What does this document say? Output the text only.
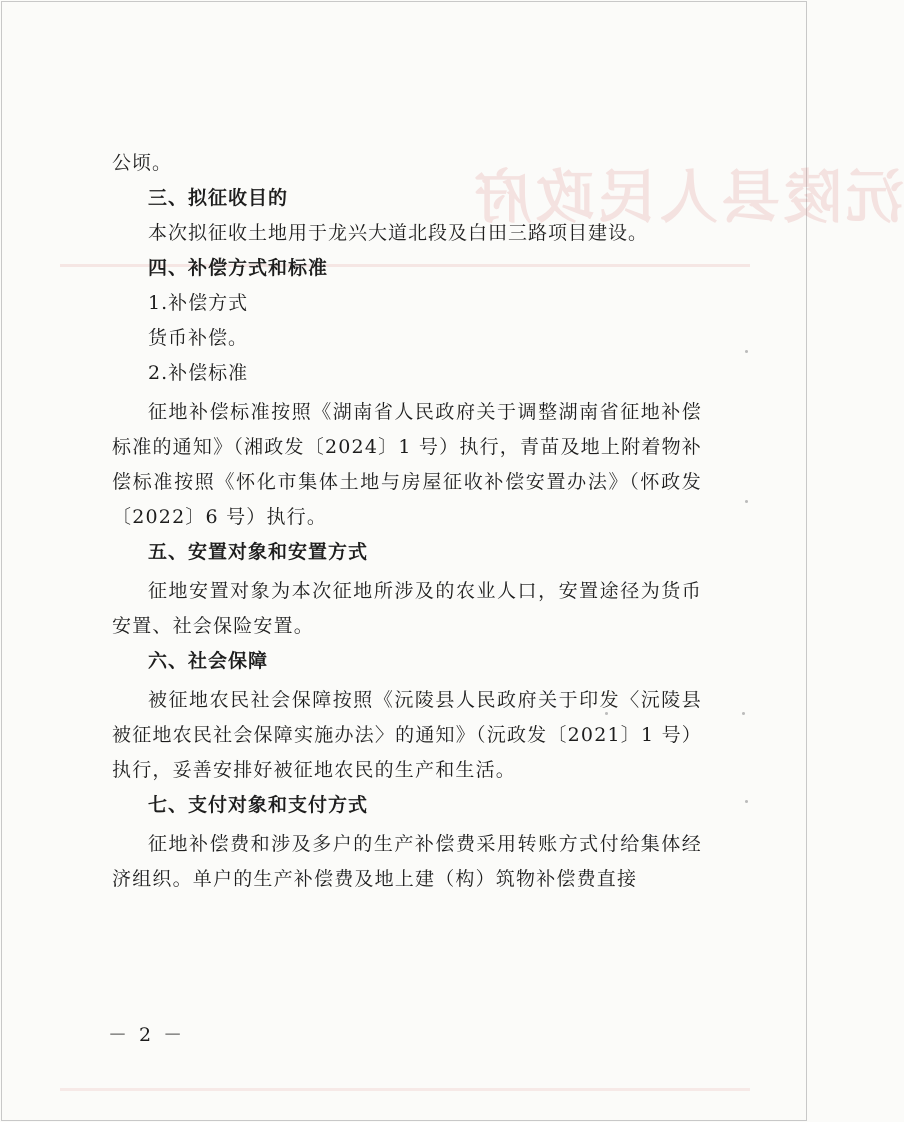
沅陵县人民政府
公顷。
三、拟征收目的
本次拟征收土地用于龙兴大道北段及白田三路项目建设。
四、补偿方式和标准
1.补偿方式
货币补偿。
2.补偿标准

征地补偿标准按照《湖南省人民政府关于调整湖南省征地补偿标准的通知》（湘政发〔2024〕1 号）执行，青苗及地上附着物补偿标准按照《怀化市集体土地与房屋征收补偿安置办法》（怀政发〔2022〕6 号）执行。

五、安置对象和安置方式

征地安置对象为本次征地所涉及的农业人口，安置途径为货币安置、社会保险安置。

六、社会保障

被征地农民社会保障按照《沅陵县人民政府关于印发〈沅陵县被征地农民社会保障实施办法〉的通知》（沅政发〔2021〕1 号）执行，妥善安排好被征地农民的生产和生活。

七、支付对象和支付方式

征地补偿费和涉及多户的生产补偿费采用转账方式付给集体经济组织。单户的生产补偿费及地上建（构）筑物补偿费直接

－ 2 －
